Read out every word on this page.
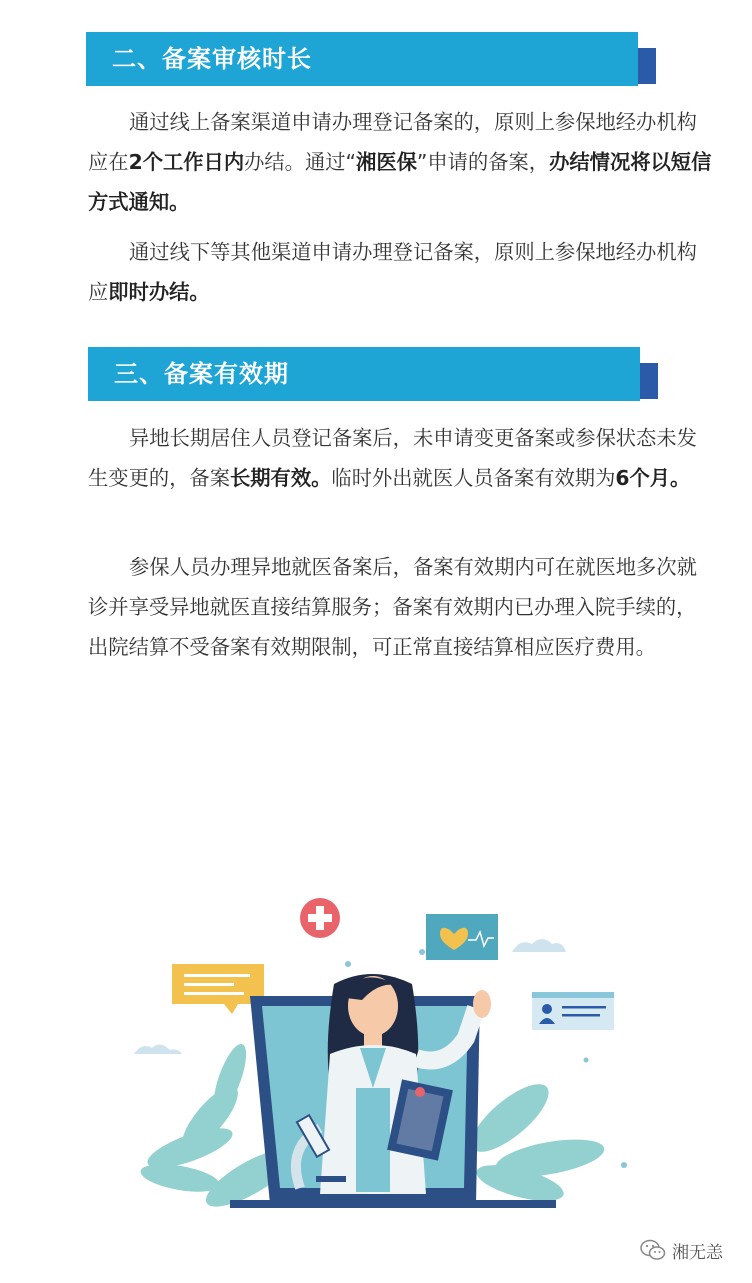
二、备案审核时长

通过线上备案渠道申请办理登记备案的，原则上参保地经办机构应在2个工作日内办结。通过“湘医保”申请的备案，办结情况将以短信方式通知。

通过线下等其他渠道申请办理登记备案，原则上参保地经办机构应即时办结。

三、备案有效期

异地长期居住人员登记备案后，未申请变更备案或参保状态未发生变更的，备案长期有效。临时外出就医人员备案有效期为6个月。

参保人员办理异地就医备案后，备案有效期内可在就医地多次就诊并享受异地就医直接结算服务；备案有效期内已办理入院手续的，出院结算不受备案有效期限制，可正常直接结算相应医疗费用。

湘无恙
